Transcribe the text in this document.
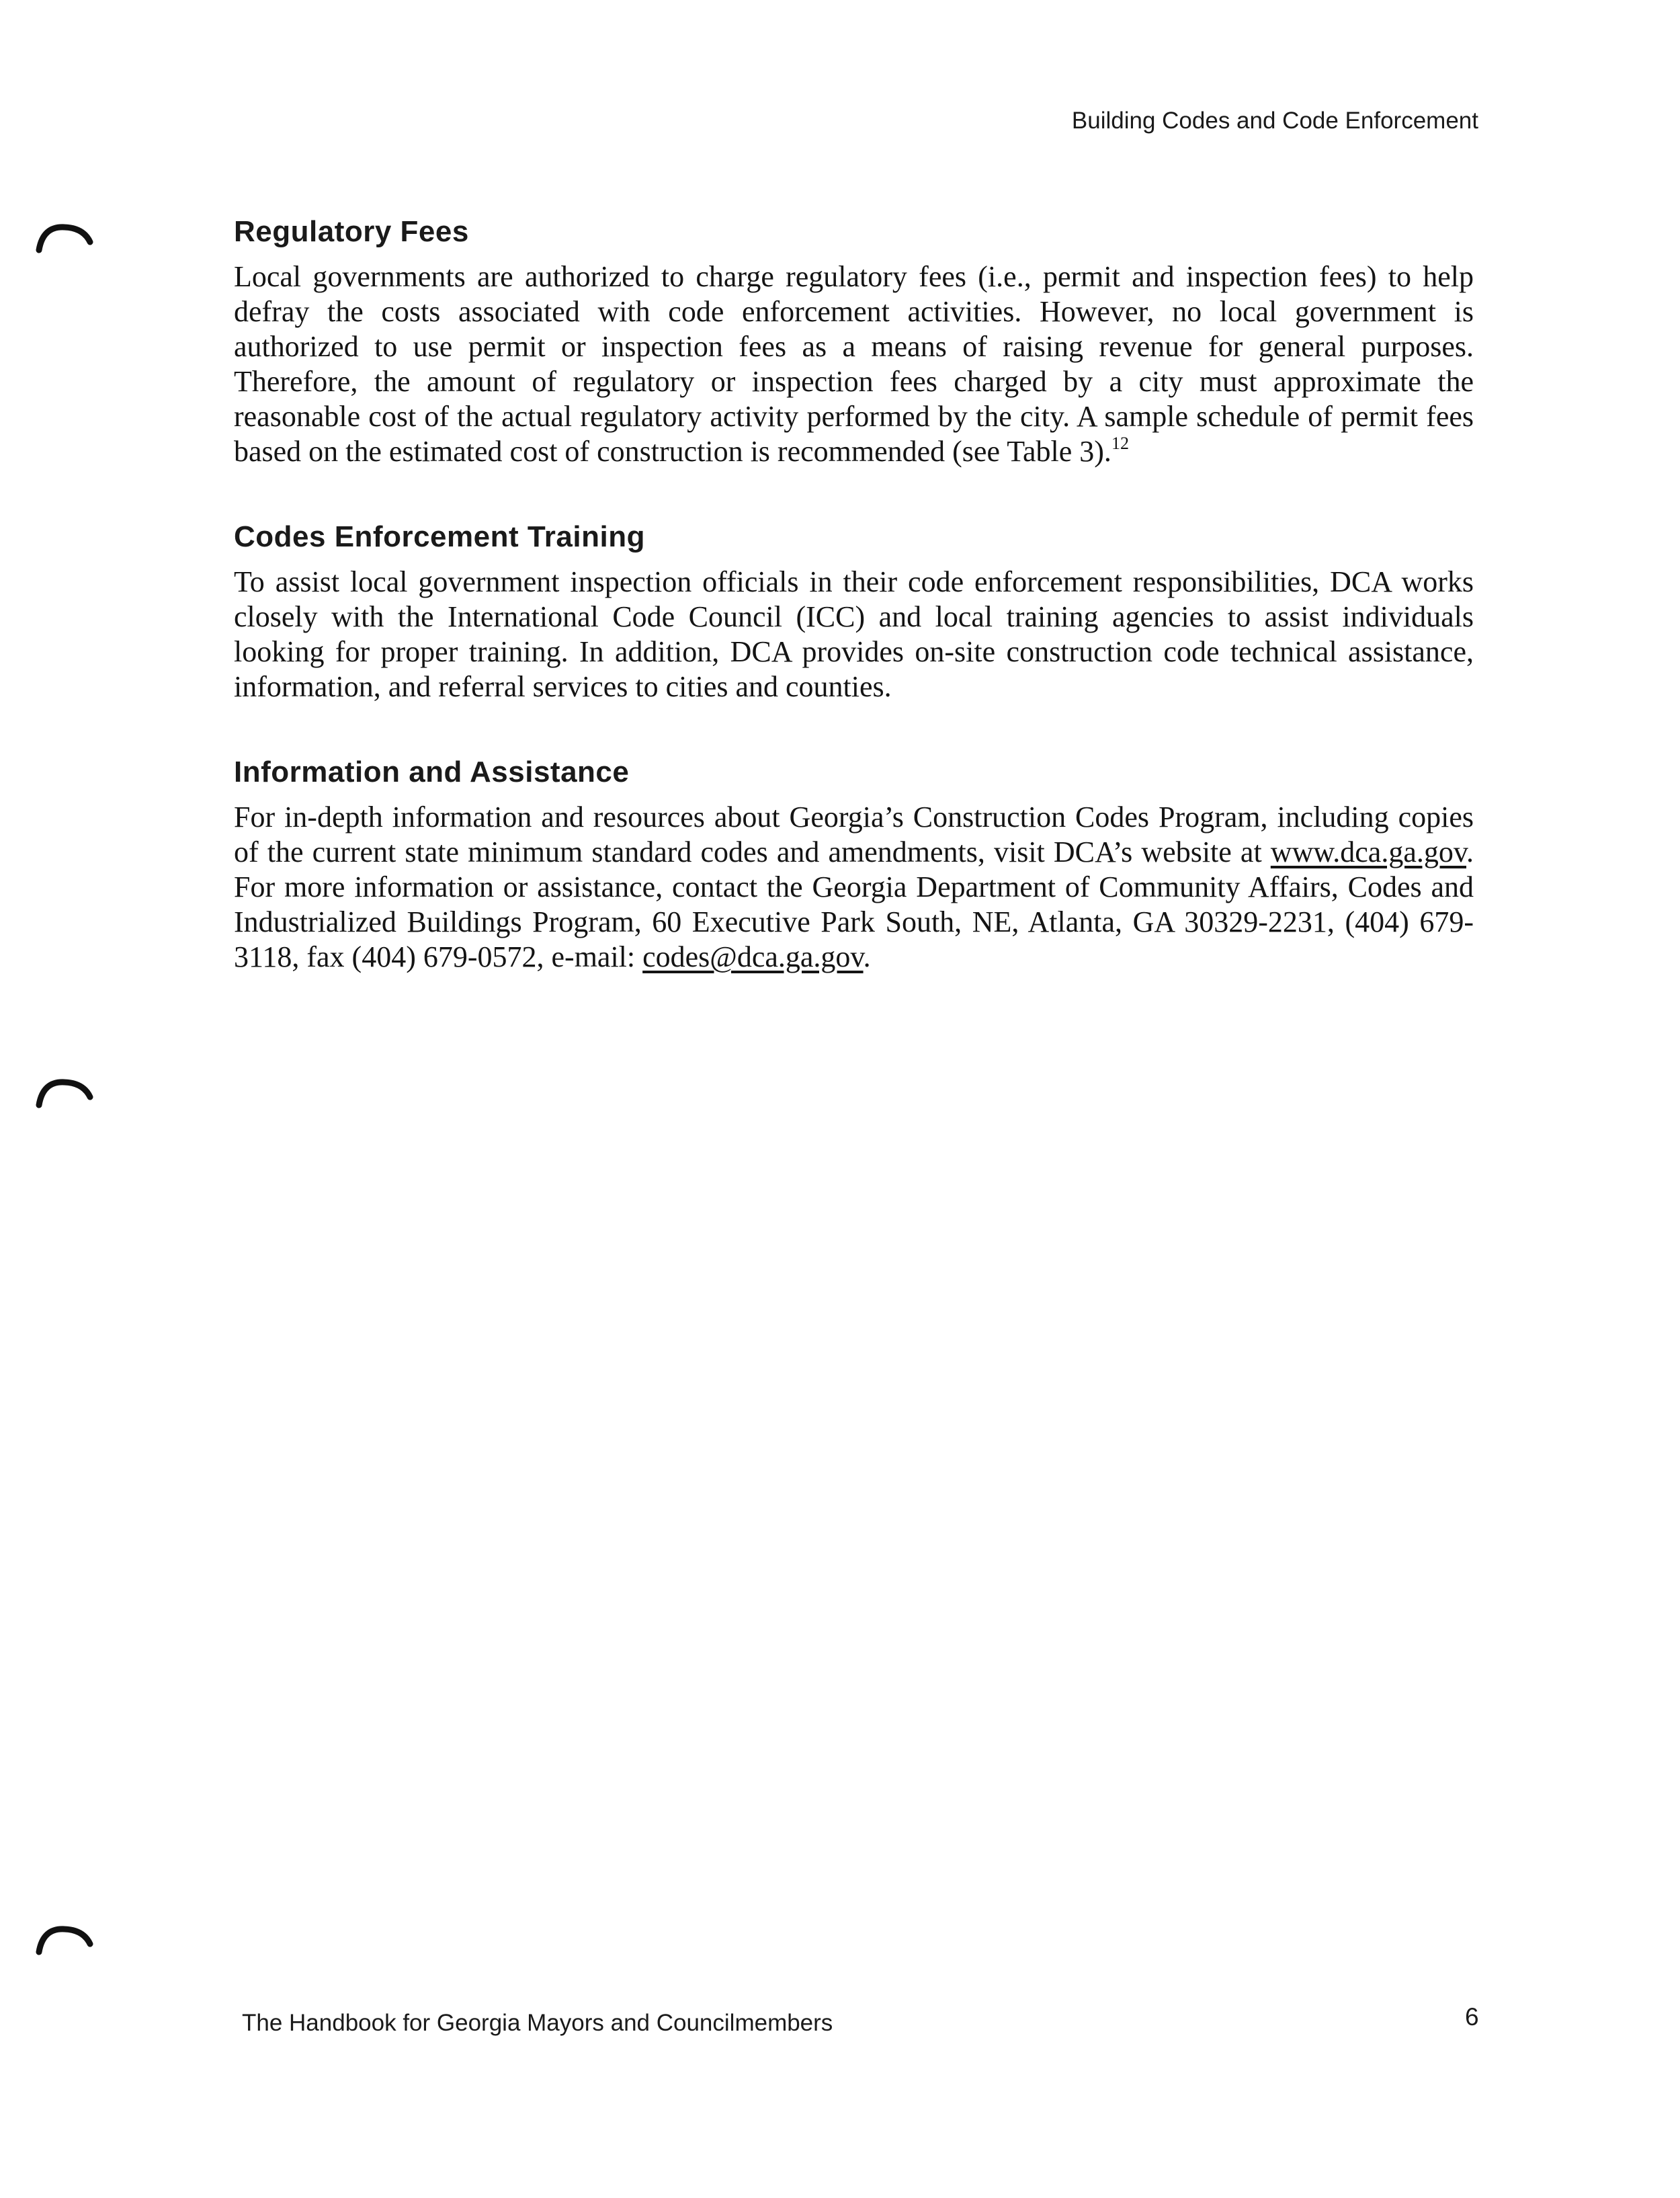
Building Codes and Code Enforcement
Regulatory Fees

Local governments are authorized to charge regulatory fees (i.e., permit and inspection fees) to help defray the costs associated with code enforcement activities. However, no local government is authorized to use permit or inspection fees as a means of raising revenue for general purposes. Therefore, the amount of regulatory or inspection fees charged by a city must approximate the reasonable cost of the actual regulatory activity performed by the city. A sample schedule of permit fees based on the estimated cost of construction is recommended (see Table 3).$^{12}$

Codes Enforcement Training

To assist local government inspection officials in their code enforcement responsibilities, DCA works closely with the International Code Council (ICC) and local training agencies to assist individuals looking for proper training. In addition, DCA provides on-site construction code technical assistance, information, and referral services to cities and counties.

Information and Assistance

For in-depth information and resources about Georgia’s Construction Codes Program, including copies of the current state minimum standard codes and amendments, visit DCA’s website at www.dca.ga.gov. For more information or assistance, contact the Georgia Department of Community Affairs, Codes and Industrialized Buildings Program, 60 Executive Park South, NE, Atlanta, GA 30329-2231, (404) 679-3118, fax (404) 679-0572, e-mail: codes@dca.ga.gov.

The Handbook for Georgia Mayors and Councilmembers	6
